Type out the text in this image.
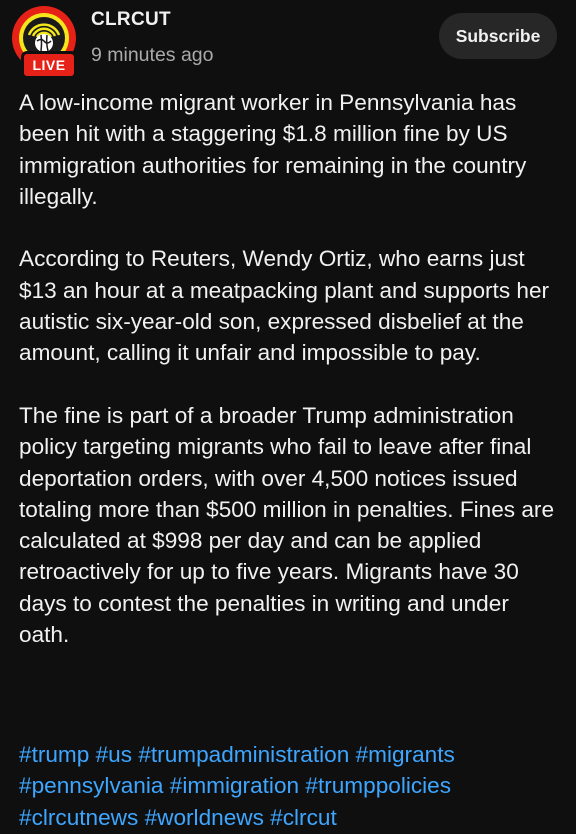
LIVE
CLRCUT
9 minutes ago
Subscribe

A low-income migrant worker in Pennsylvania has been hit with a staggering $1.8 million fine by US immigration authorities for remaining in the country illegally.

According to Reuters, Wendy Ortiz, who earns just $13 an hour at a meatpacking plant and supports her autistic six-year-old son, expressed disbelief at the amount, calling it unfair and impossible to pay.

The fine is part of a broader Trump administration policy targeting migrants who fail to leave after final deportation orders, with over 4,500 notices issued totaling more than $500 million in penalties. Fines are calculated at $998 per day and can be applied retroactively for up to five years. Migrants have 30 days to contest the penalties in writing and under oath.

#trump #us #trumpadministration #migrants #pennsylvania #immigration #trumppolicies #clrcutnews #worldnews #clrcut
